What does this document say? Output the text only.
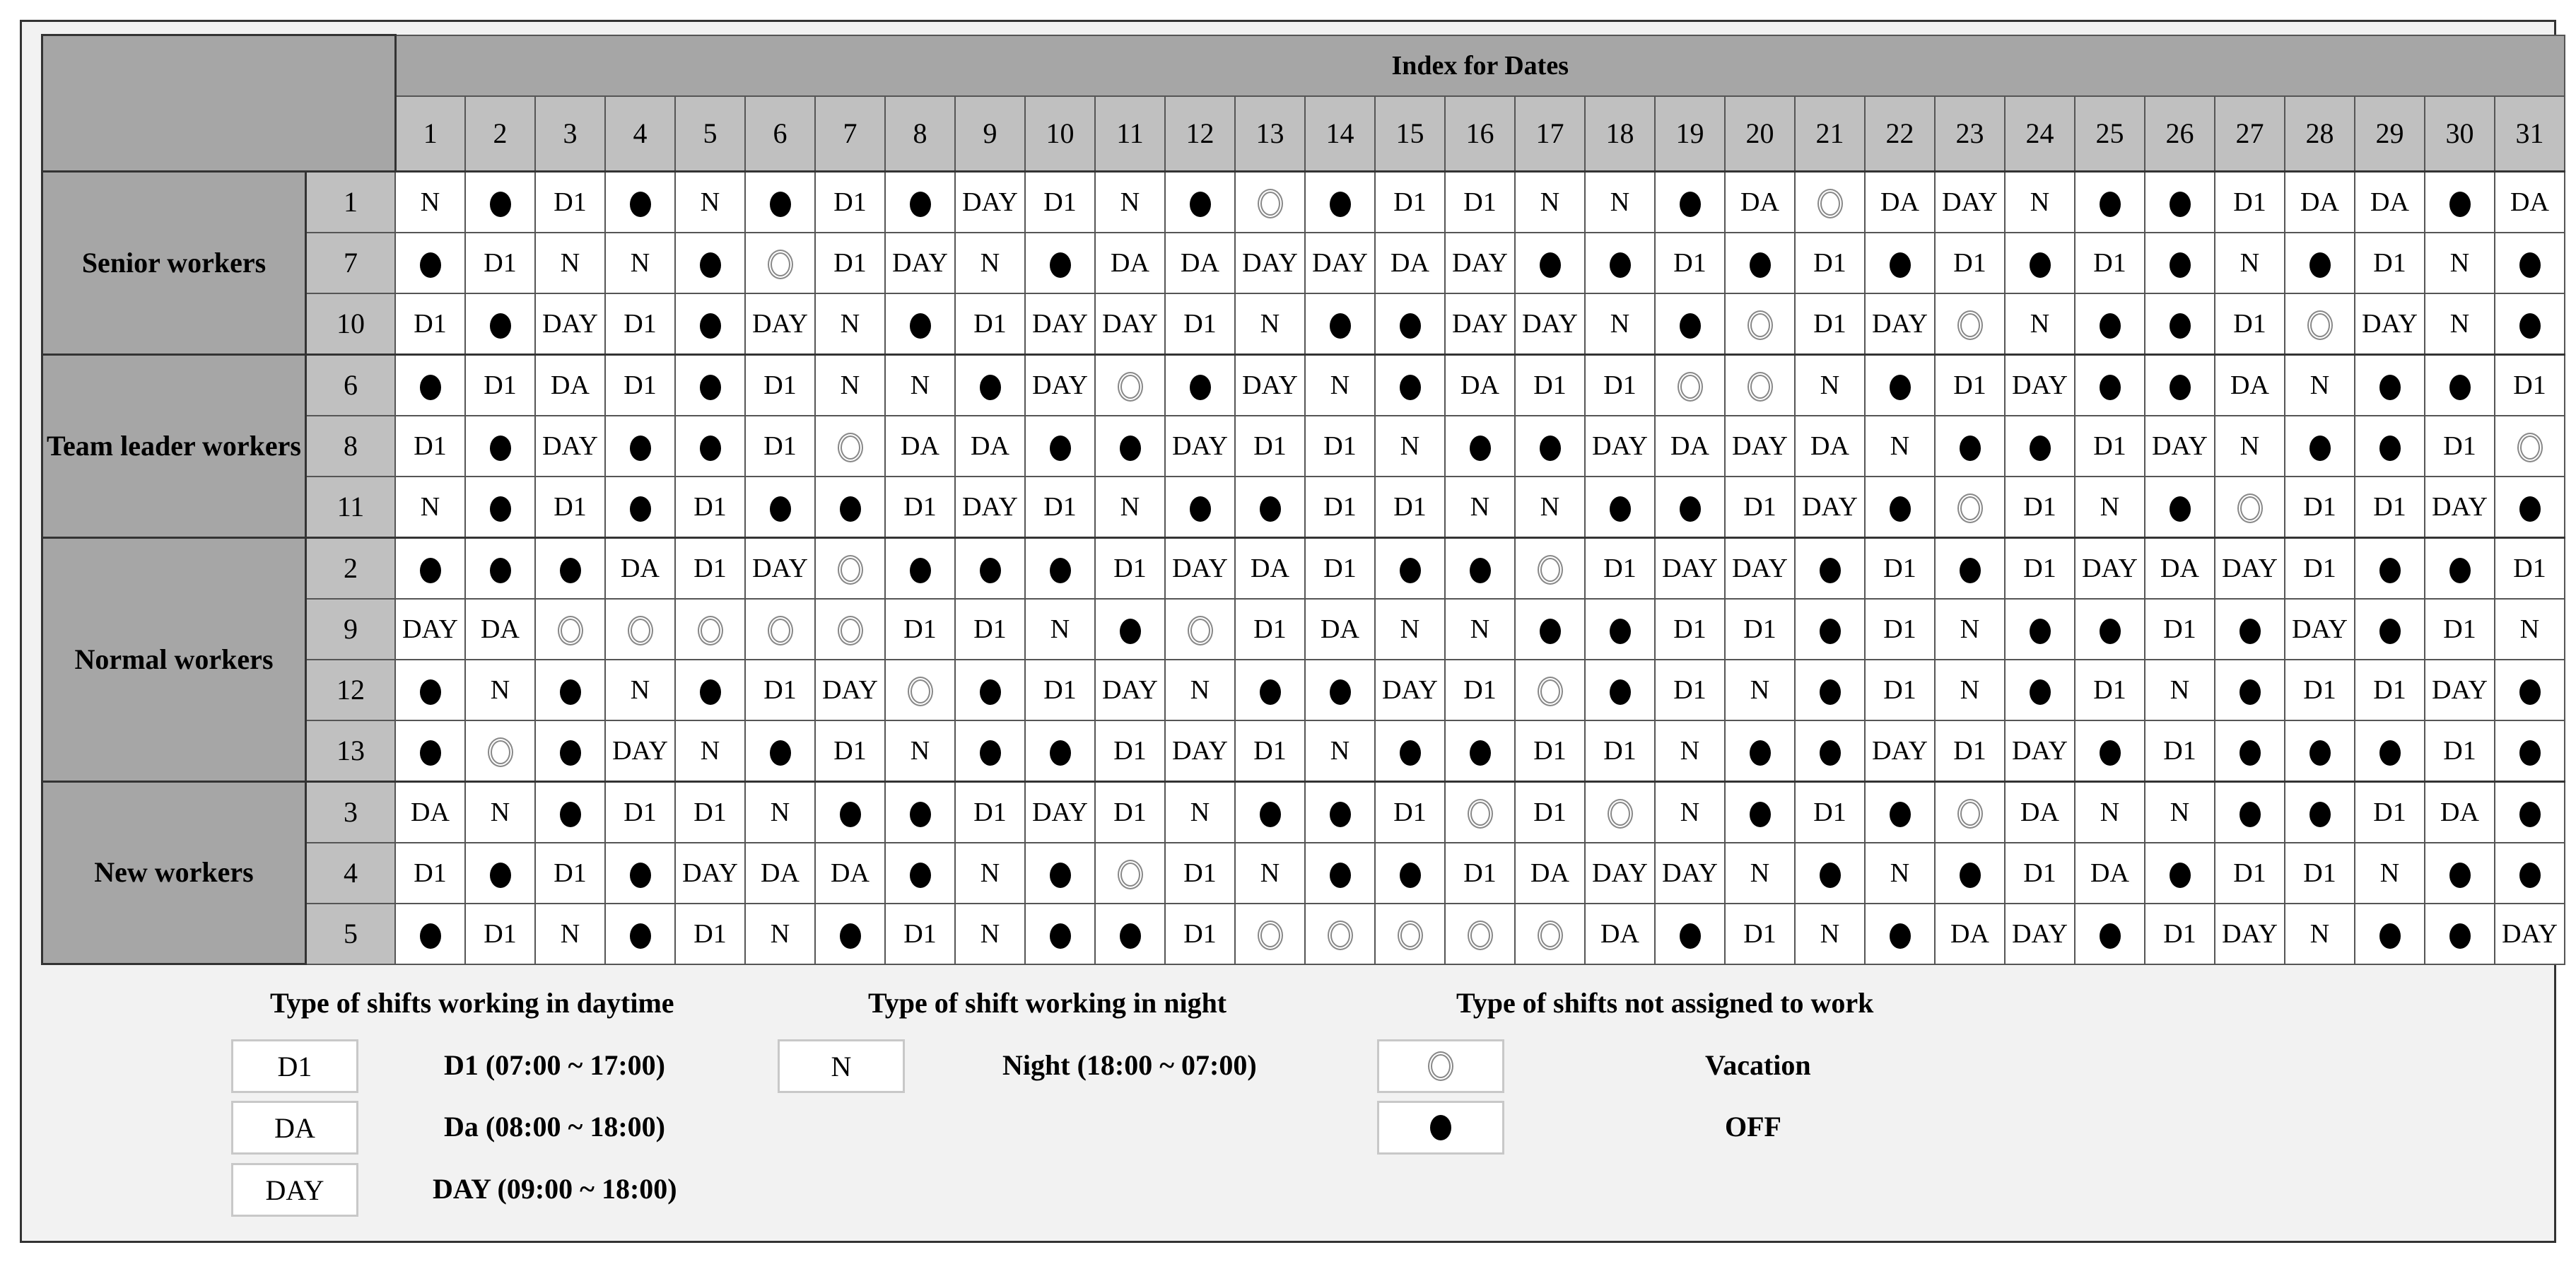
		Index for Dates																														
		1	2	3	4	5	6	7	8	9	10	11	12	13	14	15	16	17	18	19	20	21	22	23	24	25	26	27	28	29	30	31
Senior workers	1	N		D1		N		D1		DAY	D1	N				D1	D1	N	N		DA		DA	DAY	N			D1	DA	DA		DA
	7		D1	N	N			D1	DAY	N		DA	DA	DAY	DAY	DA	DAY			D1		D1		D1		D1		N		D1	N	
	10	D1		DAY	D1		DAY	N		D1	DAY	DAY	D1	N			DAY	DAY	N			D1	DAY		N			D1		DAY	N	
Team leader workers	6		D1	DA	D1		D1	N	N		DAY			DAY	N		DA	D1	D1			N		D1	DAY			DA	N			D1
	8	D1		DAY			D1		DA	DA			DAY	D1	D1	N			DAY	DA	DAY	DA	N			D1	DAY	N			D1	
	11	N		D1		D1			D1	DAY	D1	N			D1	D1	N	N			D1	DAY			D1	N			D1	D1	DAY	
Normal workers	2				DA	D1	DAY					D1	DAY	DA	D1				D1	DAY	DAY		D1		D1	DAY	DA	DAY	D1			D1
	9	DAY	DA						D1	D1	N			D1	DA	N	N			D1	D1		D1	N			D1		DAY		D1	N
	12		N		N		D1	DAY			D1	DAY	N			DAY	D1			D1	N		D1	N		D1	N		D1	D1	DAY	
	13				DAY	N		D1	N			D1	DAY	D1	N			D1	D1	N			DAY	D1	DAY		D1				D1	
New workers	3	DA	N		D1	D1	N			D1	DAY	D1	N			D1		D1		N		D1			DA	N	N			D1	DA	
	4	D1		D1		DAY	DA	DA		N			D1	N			D1	DA	DAY	DAY	N		N		D1	DA		D1	D1	N		
	5		D1	N		D1	N		D1	N			D1						DA		D1	N		DA	DAY		D1	DAY	N			DAY
Type of shifts working in daytime
D1	D1 (07:00 ~ 17:00)
DA	Da (08:00 ~ 18:00)
DAY	DAY (09:00 ~ 18:00)
Type of shift working in night
N	Night (18:00 ~ 07:00)
Type of shifts not assigned to work
Vacation
OFF
